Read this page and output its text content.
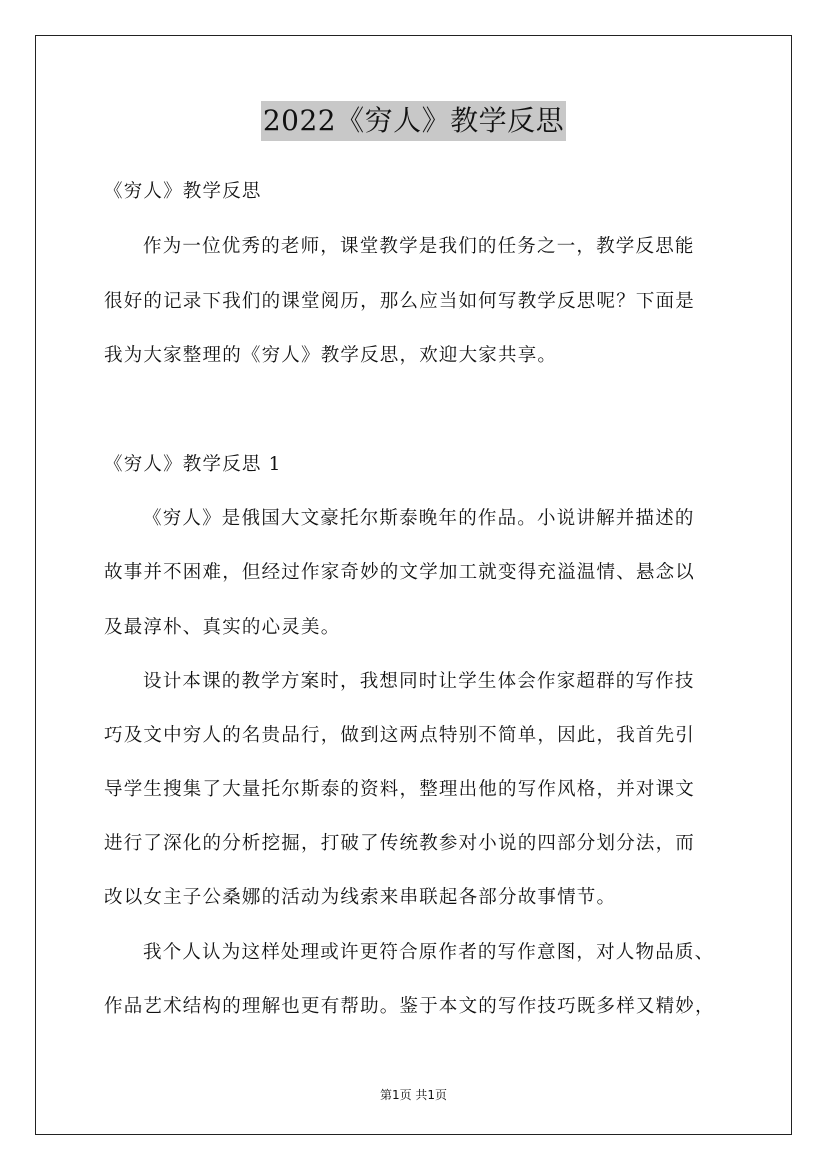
2022《穷人》教学反思
《穷人》教学反思
作为一位优秀的老师，课堂教学是我们的任务之一，教学反思能
很好的记录下我们的课堂阅历，那么应当如何写教学反思呢？下面是
我为大家整理的《穷人》教学反思，欢迎大家共享。
《穷人》教学反思 1
《穷人》是俄国大文豪托尔斯泰晚年的作品。小说讲解并描述的
故事并不困难，但经过作家奇妙的文学加工就变得充溢温情、悬念以
及最淳朴、真实的心灵美。
设计本课的教学方案时，我想同时让学生体会作家超群的写作技
巧及文中穷人的名贵品行，做到这两点特别不简单，因此，我首先引
导学生搜集了大量托尔斯泰的资料，整理出他的写作风格，并对课文
进行了深化的分析挖掘，打破了传统教参对小说的四部分划分法，而
改以女主子公桑娜的活动为线索来串联起各部分故事情节。
我个人认为这样处理或许更符合原作者的写作意图，对人物品质、
作品艺术结构的理解也更有帮助。鉴于本文的写作技巧既多样又精妙，
第1页 共1页
